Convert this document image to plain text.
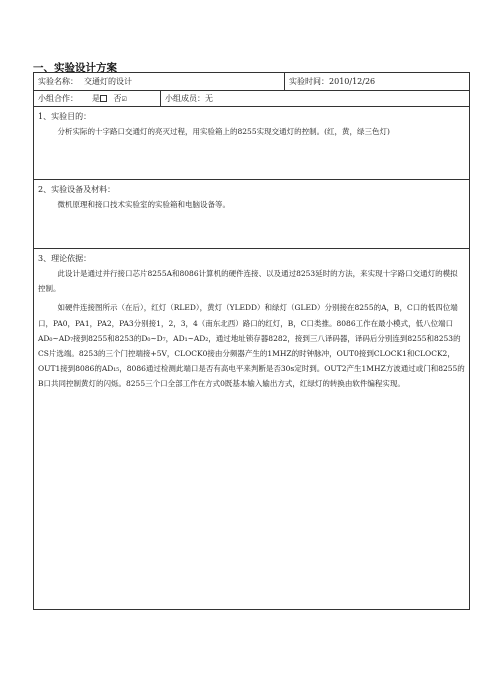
一、实验设计方案
实验名称： 交通灯的设计		实验时间：2010/12/26
小组合作： 是 否☑	小组成员：无	

1、实验目的：

分析实际的十字路口交通灯的亮灭过程，用实验箱上的8255实现交通灯的控制。(红，黄，绿三色灯)		

2、实验设备及材料：

微机原理和接口技术实验室的实验箱和电脑设备等。		

3、理论依据：

此设计是通过并行接口芯片8255A和8086计算机的硬件连接、以及通过8253延时的方法，来实现十字路口交通灯的模拟控制。

如硬件连接图所示（在后），红灯（RLED），黄灯（YLEDD）和绿灯（GLED）分别接在8255的A，B，C口的低四位端口，PA0，PA1，PA2，PA3分别接1，2，3，4（南东北西）路口的红灯，B，C口类推。8086工作在最小模式，低八位端口AD₀~AD₇接到8255和8253的D₀~D₇，AD₁~AD₂，通过地址锁存器8282，接到三八译码器，译码后分别连到8255和8253的CS片选端。8253的三个门控端接+5V，CLOCK0接由分频器产生的1MHZ的时钟脉冲，OUT0接到CLOCK1和CLOCK2，OUT1接到8086的AD₁₅，8086通过检测此端口是否有高电平来判断是否30s定时到。OUT2产生1MHZ方波通过或门和8255的B口共同控制黄灯的闪烁。8255三个口全部工作在方式0既基本输入输出方式，红绿灯的转换由软件编程实现。		
